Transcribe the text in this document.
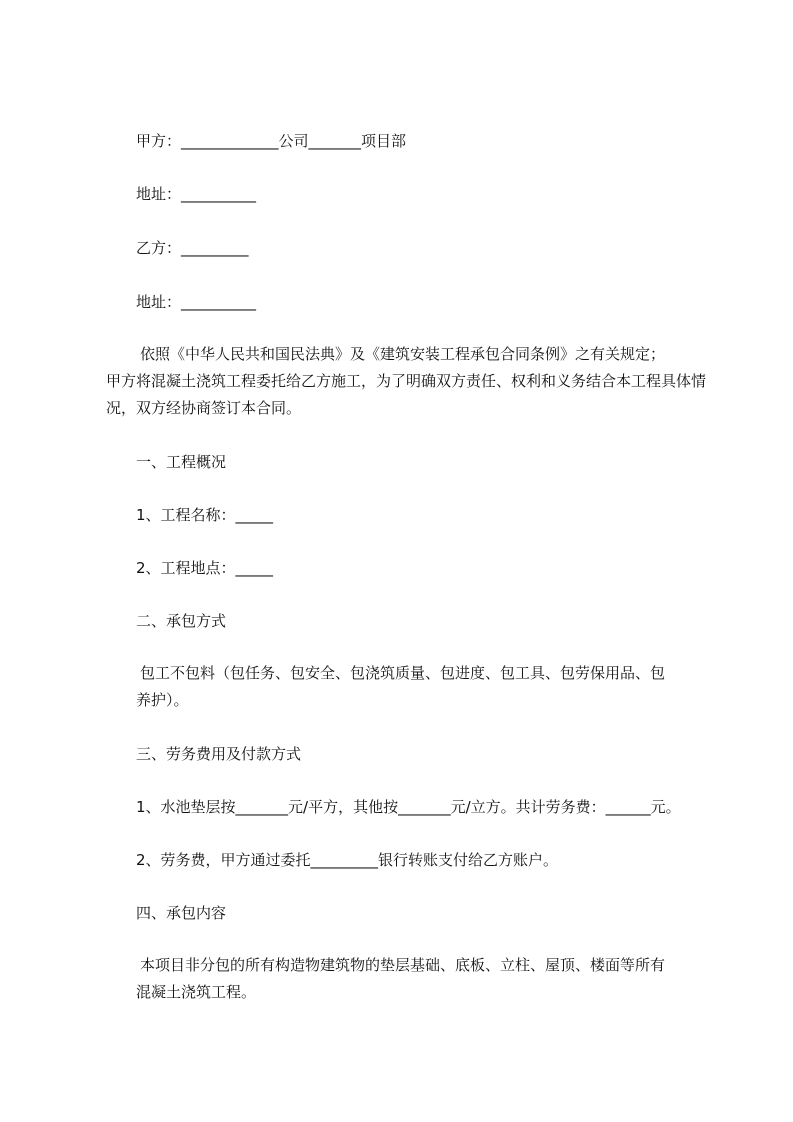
甲方：_____________公司_______项目部
地址：__________
乙方：_________
地址：__________
依照《中华人民共和国民法典》及《建筑安装工程承包合同条例》之有关规定；
甲方将混凝土浇筑工程委托给乙方施工，为了明确双方责任、权利和义务结合本工程具体情况，双方经协商签订本合同。
一、工程概况
1、工程名称：_____
2、工程地点：_____
二、承包方式
包工不包料（包任务、包安全、包浇筑质量、包进度、包工具、包劳保用品、包
养护）。
三、劳务费用及付款方式
1、水池垫层按_______元/平方，其他按_______元/立方。共计劳务费：______元。
2、劳务费，甲方通过委托_________银行转账支付给乙方账户。
四、承包内容
本项目非分包的所有构造物建筑物的垫层基础、底板、立柱、屋顶、楼面等所有
混凝土浇筑工程。
